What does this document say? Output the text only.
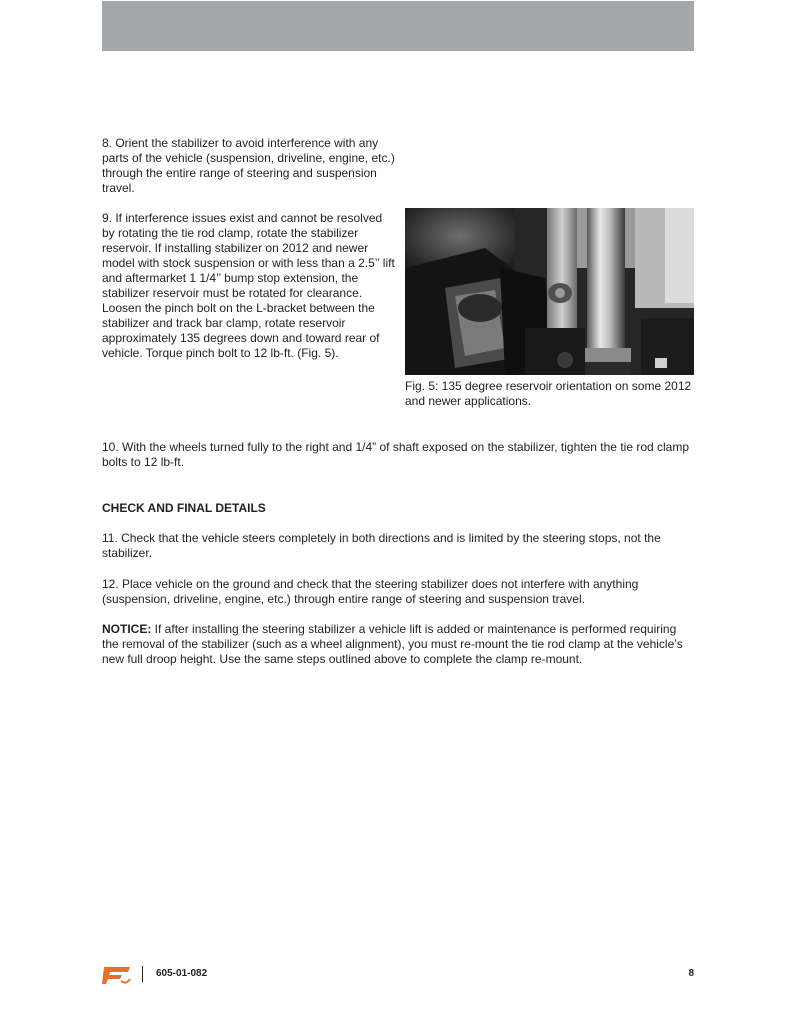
8. Orient the stabilizer to avoid interference with any parts of the vehicle (suspension, driveline, engine, etc.) through the entire range of steering and suspension travel.

9. If interference issues exist and cannot be resolved by rotating the tie rod clamp, rotate the stabilizer reservoir. If installing stabilizer on 2012 and newer model with stock suspension or with less than a 2.5’’ lift and aftermarket 1 1/4’’ bump stop extension, the stabilizer reservoir must be rotated for clearance. Loosen the pinch bolt on the L-bracket between the stabilizer and track bar clamp, rotate reservoir approximately 135 degrees down and toward rear of vehicle. Torque pinch bolt to 12 lb-ft. (Fig. 5).

Fig. 5: 135 degree reservoir orientation on some 2012 and newer applications.

10. With the wheels turned fully to the right and 1/4” of shaft exposed on the stabilizer, tighten the tie rod clamp bolts to 12 lb-ft.

CHECK AND FINAL DETAILS

11. Check that the vehicle steers completely in both directions and is limited by the steering stops, not the stabilizer.

12. Place vehicle on the ground and check that the steering stabilizer does not interfere with anything (suspension, driveline, engine, etc.) through entire range of steering and suspension travel.

NOTICE: If after installing the steering stabilizer a vehicle lift is added or maintenance is performed requiring the removal of the stabilizer (such as a wheel alignment), you must re-mount the tie rod clamp at the vehicle’s new full droop height. Use the same steps outlined above to complete the clamp re-mount.

605-01-082	8
